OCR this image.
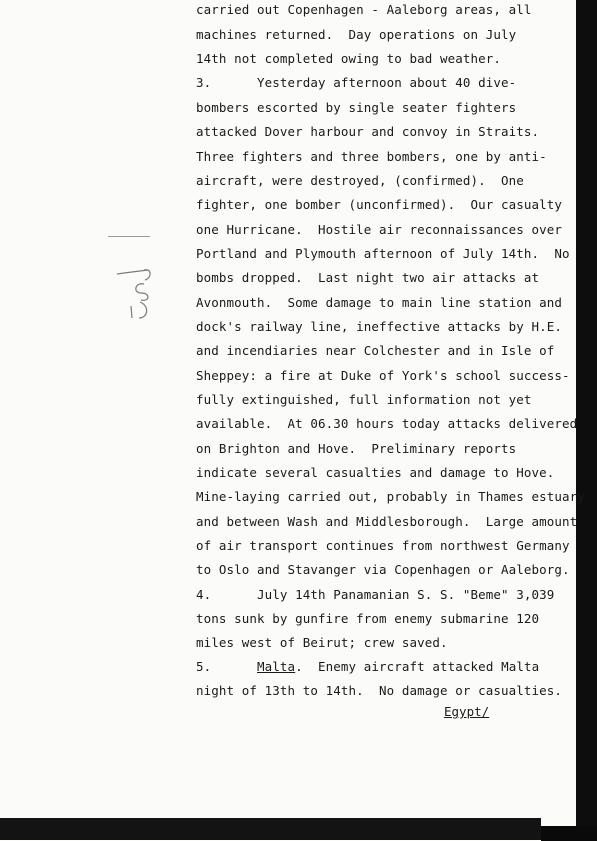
carried out Copenhagen - Aaleborg areas, all
machines returned.  Day operations on July
14th not completed owing to bad weather.
3.      Yesterday afternoon about 40 dive-
bombers escorted by single seater fighters
attacked Dover harbour and convoy in Straits.
Three fighters and three bombers, one by anti-
aircraft, were destroyed, (confirmed).  One
fighter, one bomber (unconfirmed).  Our casualty
one Hurricane.  Hostile air reconnaissances over
Portland and Plymouth afternoon of July 14th.  No
bombs dropped.  Last night two air attacks at
Avonmouth.  Some damage to main line station and
dock's railway line, ineffective attacks by H.E.
and incendiaries near Colchester and in Isle of
Sheppey: a fire at Duke of York's school success-
fully extinguished, full information not yet
available.  At 06.30 hours today attacks delivered
on Brighton and Hove.  Preliminary reports
indicate several casualties and damage to Hove.
Mine-laying carried out, probably in Thames estuary
and between Wash and Middlesborough.  Large amount
of air transport continues from northwest Germany
to Oslo and Stavanger via Copenhagen or Aaleborg.
4.      July 14th Panamanian S. S. "Beme" 3,039
tons sunk by gunfire from enemy submarine 120
miles west of Beirut; crew saved.
5.	Malta.  Enemy aircraft attacked Malta
night of 13th to 14th.  No damage or casualties.
Egypt/
